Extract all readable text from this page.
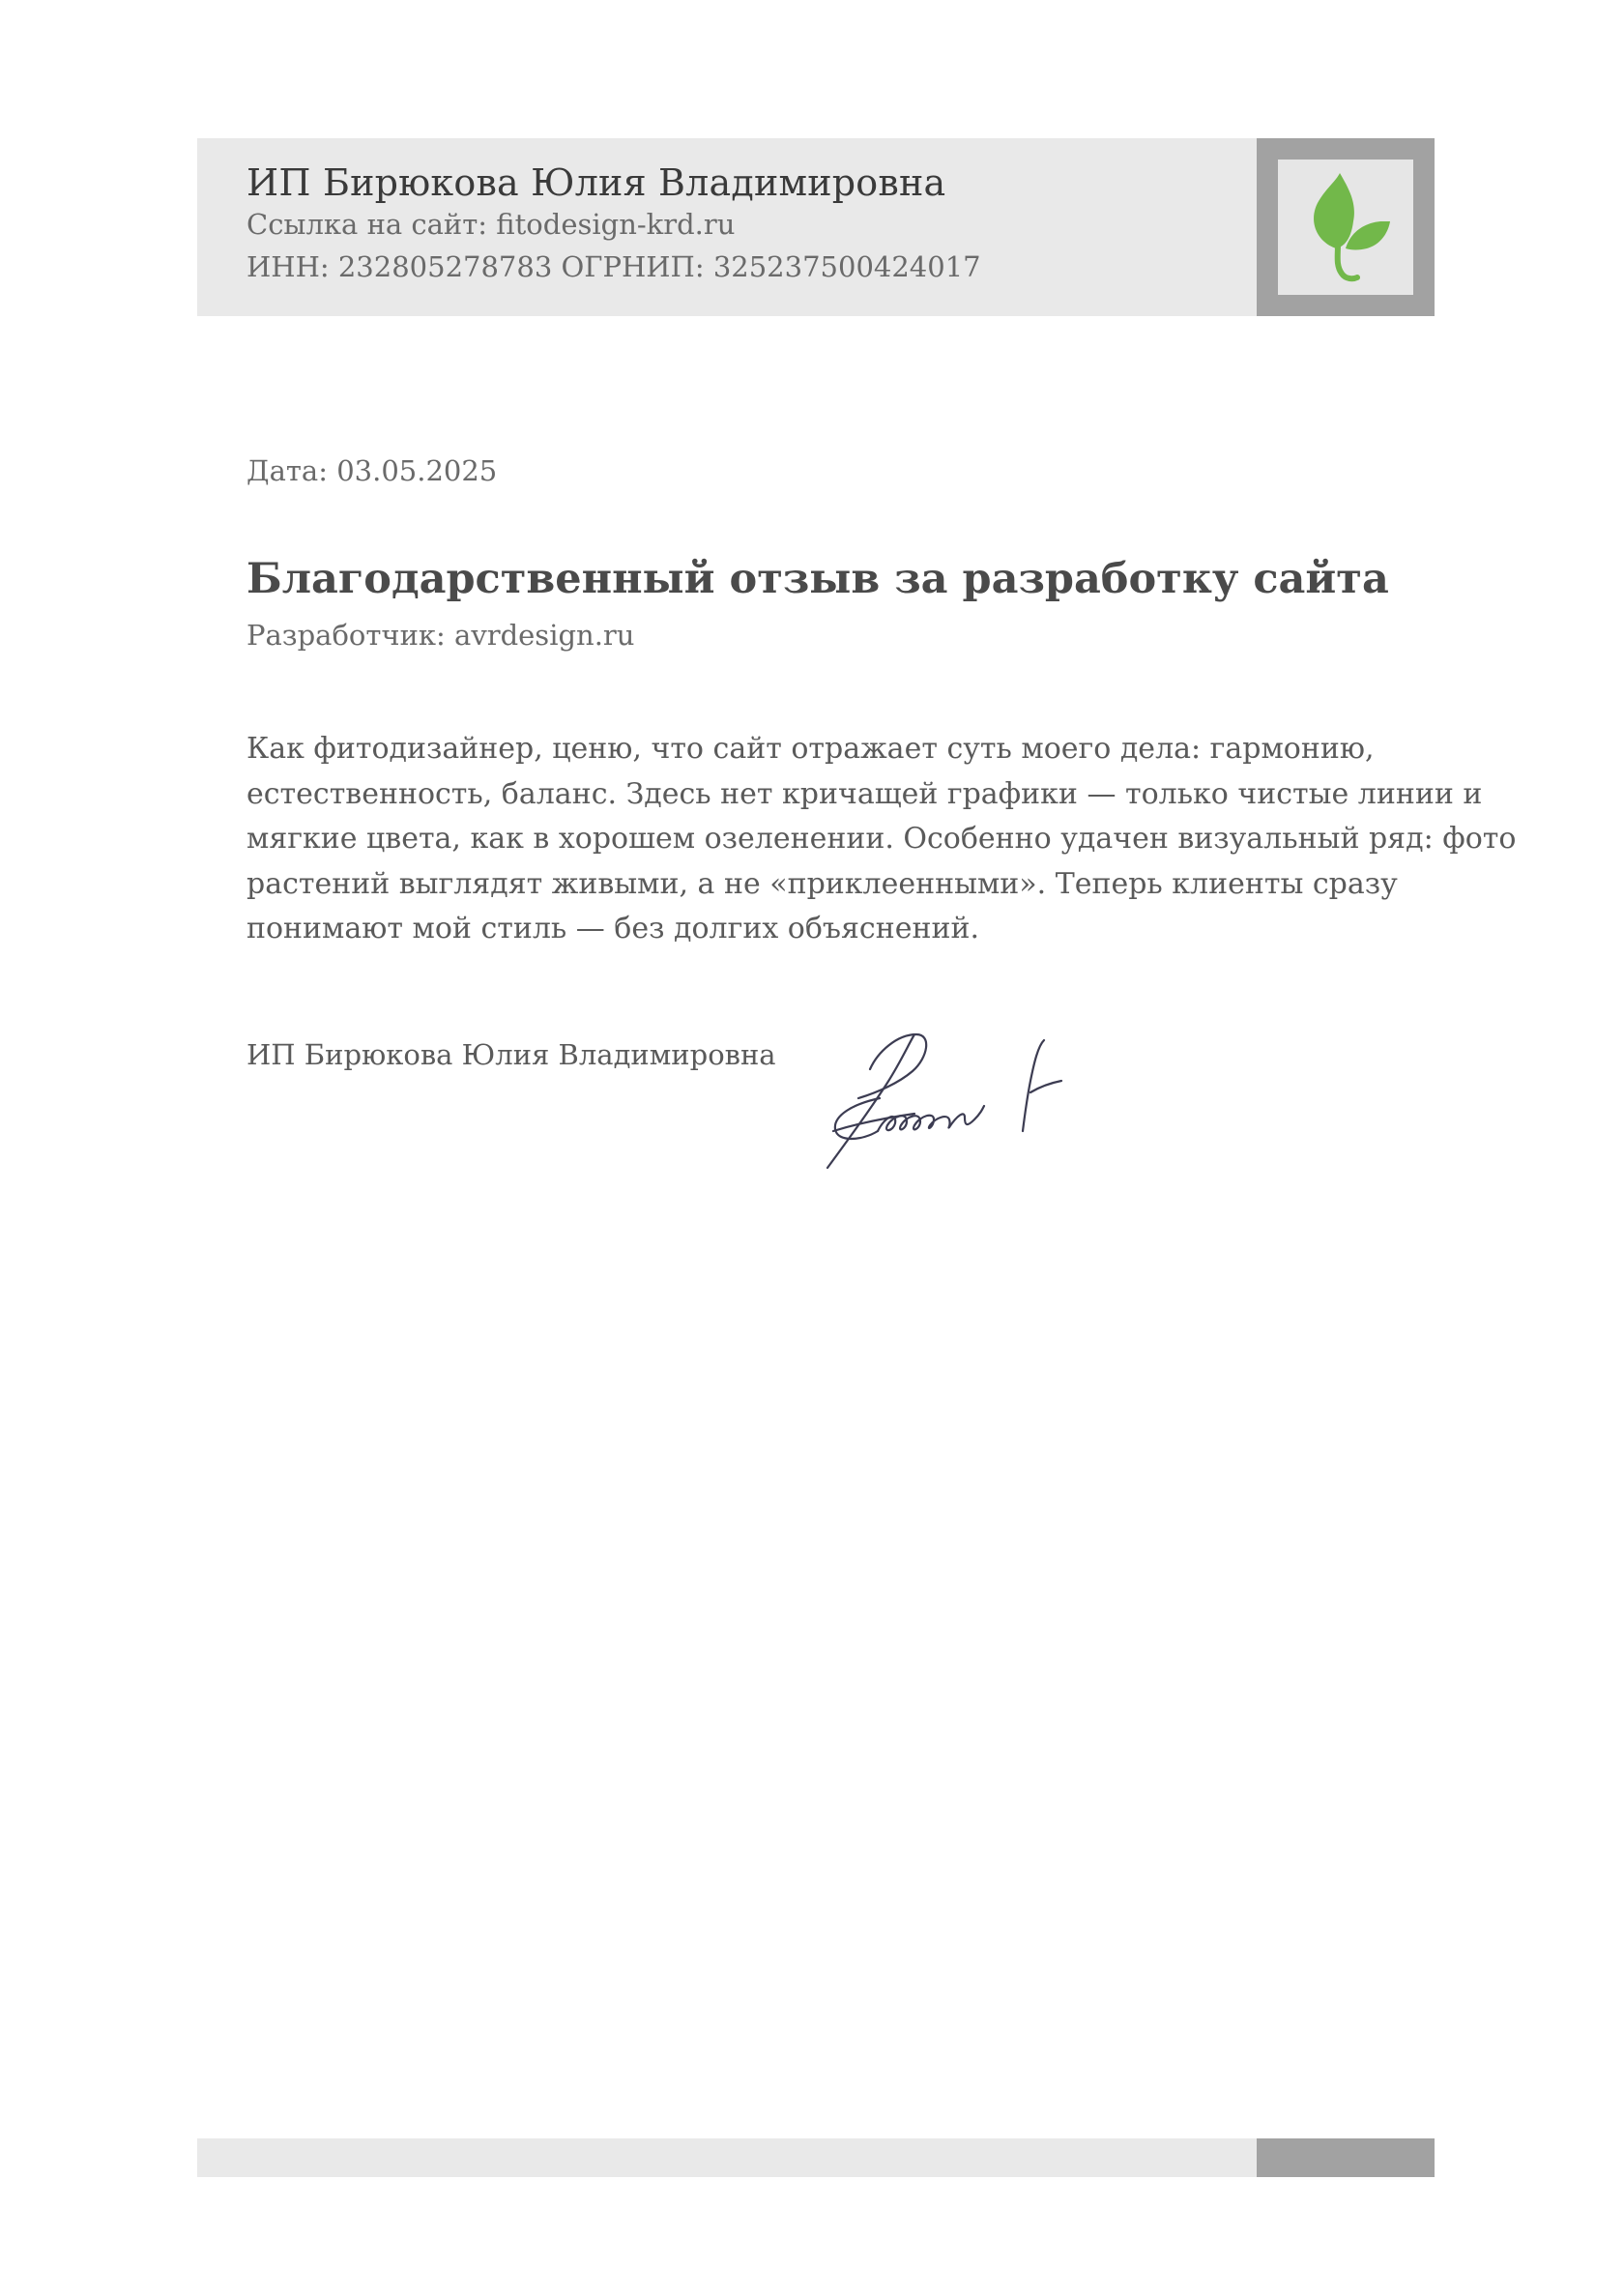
ИП Бирюкова Юлия Владимировна
Ссылка на сайт: fitodesign-krd.ru
ИНН: 232805278783 ОГРНИП: 325237500424017
Дата: 03.05.2025
Благодарственный отзыв за разработку сайта
Разработчик: avrdesign.ru
Как фитодизайнер, ценю, что сайт отражает суть моего дела: гармонию,
естественность, баланс. Здесь нет кричащей графики — только чистые линии и
мягкие цвета, как в хорошем озеленении. Особенно удачен визуальный ряд: фото
растений выглядят живыми, а не «приклеенными». Теперь клиенты сразу
понимают мой стиль — без долгих объяснений.
ИП Бирюкова Юлия Владимировна
